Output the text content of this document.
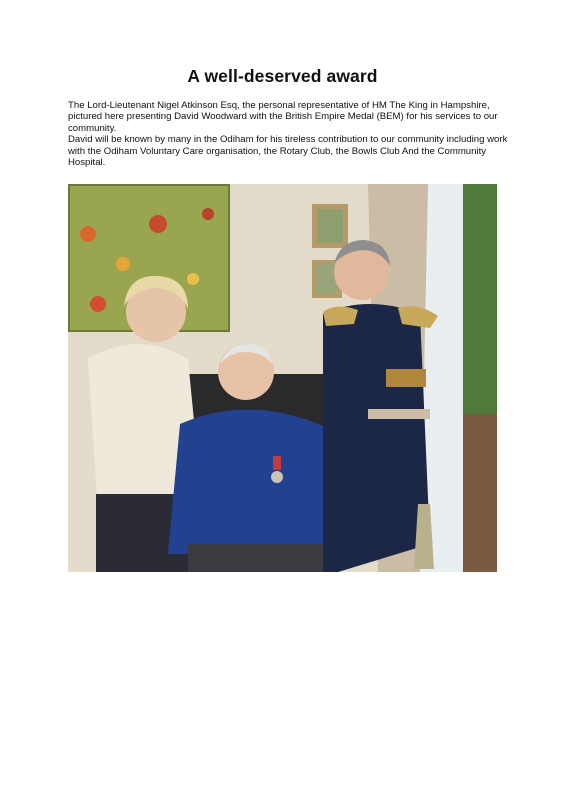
A well-deserved award

The Lord-Lieutenant Nigel Atkinson Esq, the personal representative of HM The King in Hampshire, pictured here presenting David Woodward with the British Empire Medal (BEM) for his services to our community.

David will be known by many in the Odiham for his tireless contribution to our community including work with the Odiham Voluntary Care organisation, the Rotary Club, the Bowls Club And the Community Hospital.
